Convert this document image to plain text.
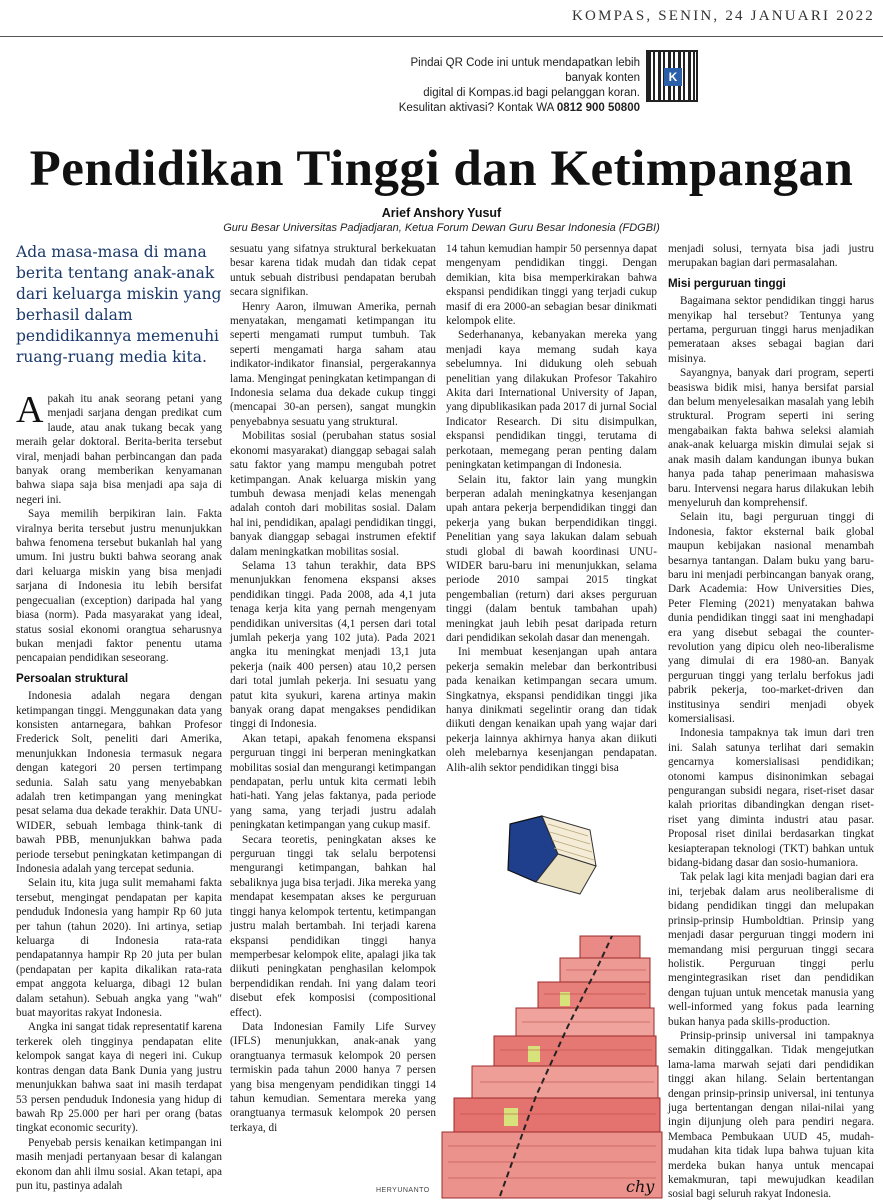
KOMPAS, SENIN, 24 JANUARI 2022
Pindai QR Code ini untuk mendapatkan lebih banyak konten
digital di Kompas.id bagi pelanggan koran.
Kesulitan aktivasi? Kontak WA 0812 900 50800
K
Pendidikan Tinggi dan Ketimpangan
Arief Anshory Yusuf
Guru Besar Universitas Padjadjaran, Ketua Forum Dewan Guru Besar Indonesia (FDGBI)
Ada masa-masa di mana berita tentang anak-anak dari keluarga miskin yang berhasil dalam pendidikannya memenuhi ruang-ruang media kita.

Apakah itu anak seorang petani yang menjadi sarjana dengan predikat cum laude, atau anak tukang becak yang meraih gelar doktoral. Berita-berita tersebut viral, menjadi bahan perbincangan dan pada banyak orang memberikan kenyamanan bahwa siapa saja bisa menjadi apa saja di negeri ini.

Saya memilih berpikiran lain. Fakta viralnya berita tersebut justru menunjukkan bahwa fenomena tersebut bukanlah hal yang umum. Ini justru bukti bahwa seorang anak dari keluarga miskin yang bisa menjadi sarjana di Indonesia itu lebih bersifat pengecualian (exception) daripada hal yang biasa (norm). Pada masyarakat yang ideal, status sosial ekonomi orangtua seharusnya bukan menjadi faktor penentu utama pencapaian pendidikan seseorang.

Persoalan struktural

Indonesia adalah negara dengan ketimpangan tinggi. Menggunakan data yang konsisten antarnegara, bahkan Profesor Frederick Solt, peneliti dari Amerika, menunjukkan Indonesia termasuk negara dengan kategori 20 persen tertimpang sedunia. Salah satu yang menyebabkan adalah tren ketimpangan yang meningkat pesat selama dua dekade terakhir. Data UNU-WIDER, sebuah lembaga think-tank di bawah PBB, menunjukkan bahwa pada periode tersebut peningkatan ketimpangan di Indonesia adalah yang tercepat sedunia.

Selain itu, kita juga sulit memahami fakta tersebut, mengingat pendapatan per kapita penduduk Indonesia yang hampir Rp 60 juta per tahun (tahun 2020). Ini artinya, setiap keluarga di Indonesia rata-rata pendapatannya hampir Rp 20 juta per bulan (pendapatan per kapita dikalikan rata-rata empat anggota keluarga, dibagi 12 bulan dalam setahun). Sebuah angka yang "wah" buat mayoritas rakyat Indonesia.

Angka ini sangat tidak representatif karena terkerek oleh tingginya pendapatan elite kelompok sangat kaya di negeri ini. Cukup kontras dengan data Bank Dunia yang justru menunjukkan bahwa saat ini masih terdapat 53 persen penduduk Indonesia yang hidup di bawah Rp 25.000 per hari per orang (batas tingkat economic security).

Penyebab persis kenaikan ketimpangan ini masih menjadi pertanyaan besar di kalangan ekonom dan ahli ilmu sosial. Akan tetapi, apa pun itu, pastinya adalah

sesuatu yang sifatnya struktural berkekuatan besar karena tidak mudah dan tidak cepat untuk sebuah distribusi pendapatan berubah secara signifikan.

Henry Aaron, ilmuwan Amerika, pernah menyatakan, mengamati ketimpangan itu seperti mengamati rumput tumbuh. Tak seperti mengamati harga saham atau indikator-indikator finansial, pergerakannya lama. Mengingat peningkatan ketimpangan di Indonesia selama dua dekade cukup tinggi (mencapai 30-an persen), sangat mungkin penyebabnya sesuatu yang struktural.

Mobilitas sosial (perubahan status sosial ekonomi masyarakat) dianggap sebagai salah satu faktor yang mampu mengubah potret ketimpangan. Anak keluarga miskin yang tumbuh dewasa menjadi kelas menengah adalah contoh dari mobilitas sosial. Dalam hal ini, pendidikan, apalagi pendidikan tinggi, banyak dianggap sebagai instrumen efektif dalam meningkatkan mobilitas sosial.

Selama 13 tahun terakhir, data BPS menunjukkan fenomena ekspansi akses pendidikan tinggi. Pada 2008, ada 4,1 juta tenaga kerja kita yang pernah mengenyam pendidikan universitas (4,1 persen dari total jumlah pekerja yang 102 juta). Pada 2021 angka itu meningkat menjadi 13,1 juta pekerja (naik 400 persen) atau 10,2 persen dari total jumlah pekerja. Ini sesuatu yang patut kita syukuri, karena artinya makin banyak orang dapat mengakses pendidikan tinggi di Indonesia.

Akan tetapi, apakah fenomena ekspansi perguruan tinggi ini berperan meningkatkan mobilitas sosial dan mengurangi ketimpangan pendapatan, perlu untuk kita cermati lebih hati-hati. Yang jelas faktanya, pada periode yang sama, yang terjadi justru adalah peningkatan ketimpangan yang cukup masif.

Secara teoretis, peningkatan akses ke perguruan tinggi tak selalu berpotensi mengurangi ketimpangan, bahkan hal sebaliknya juga bisa terjadi. Jika mereka yang mendapat kesempatan akses ke perguruan tinggi hanya kelompok tertentu, ketimpangan justru malah bertambah. Ini terjadi karena ekspansi pendidikan tinggi hanya memperbesar kelompok elite, apalagi jika tak diikuti peningkatan penghasilan kelompok berpendidikan rendah. Ini yang dalam teori disebut efek komposisi (compositional effect).

Data Indonesian Family Life Survey (IFLS) menunjukkan, anak-anak yang orangtuanya termasuk kelompok 20 persen termiskin pada tahun 2000 hanya 7 persen yang bisa mengenyam pendidikan tinggi 14 tahun kemudian. Sementara mereka yang orangtuanya termasuk kelompok 20 persen terkaya, di

14 tahun kemudian hampir 50 persennya dapat mengenyam pendidikan tinggi. Dengan demikian, kita bisa memperkirakan bahwa ekspansi pendidikan tinggi yang terjadi cukup masif di era 2000-an sebagian besar dinikmati kelompok elite.

Sederhananya, kebanyakan mereka yang menjadi kaya memang sudah kaya sebelumnya. Ini didukung oleh sebuah penelitian yang dilakukan Profesor Takahiro Akita dari International University of Japan, yang dipublikasikan pada 2017 di jurnal Social Indicator Research. Di situ disimpulkan, ekspansi pendidikan tinggi, terutama di perkotaan, memegang peran penting dalam peningkatan ketimpangan di Indonesia.

Selain itu, faktor lain yang mungkin berperan adalah meningkatnya kesenjangan upah antara pekerja berpendidikan tinggi dan pekerja yang bukan berpendidikan tinggi. Penelitian yang saya lakukan dalam sebuah studi global di bawah koordinasi UNU-WIDER baru-baru ini menunjukkan, selama periode 2010 sampai 2015 tingkat pengembalian (return) dari akses perguruan tinggi (dalam bentuk tambahan upah) meningkat jauh lebih pesat daripada return dari pendidikan sekolah dasar dan menengah.

Ini membuat kesenjangan upah antara pekerja semakin melebar dan berkontribusi pada kenaikan ketimpangan secara umum. Singkatnya, ekspansi pendidikan tinggi jika hanya dinikmati segelintir orang dan tidak diikuti dengan kenaikan upah yang wajar dari pekerja lainnya akhirnya hanya akan diikuti oleh melebarnya kesenjangan pendapatan. Alih-alih sektor pendidikan tinggi bisa

menjadi solusi, ternyata bisa jadi justru merupakan bagian dari permasalahan.

Misi perguruan tinggi

Bagaimana sektor pendidikan tinggi harus menyikap hal tersebut? Tentunya yang pertama, perguruan tinggi harus menjadikan pemerataan akses sebagai bagian dari misinya.

Sayangnya, banyak dari program, seperti beasiswa bidik misi, hanya bersifat parsial dan belum menyelesaikan masalah yang lebih struktural. Program seperti ini sering mengabaikan fakta bahwa seleksi alamiah anak-anak keluarga miskin dimulai sejak si anak masih dalam kandungan ibunya bukan hanya pada tahap penerimaan mahasiswa baru. Intervensi negara harus dilakukan lebih menyeluruh dan komprehensif.

Selain itu, bagi perguruan tinggi di Indonesia, faktor eksternal baik global maupun kebijakan nasional menambah besarnya tantangan. Dalam buku yang baru-baru ini menjadi perbincangan banyak orang, Dark Academia: How Universities Dies, Peter Fleming (2021) menyatakan bahwa dunia pendidikan tinggi saat ini menghadapi era yang disebut sebagai the counter-revolution yang dipicu oleh neo-liberalisme yang dimulai di era 1980-an. Banyak perguruan tinggi yang terlalu berfokus jadi pabrik pekerja, too-market-driven dan institusinya sendiri menjadi obyek komersialisasi.

Indonesia tampaknya tak imun dari tren ini. Salah satunya terlihat dari semakin gencarnya komersialisasi pendidikan; otonomi kampus disinonimkan sebagai pengurangan subsidi negara, riset-riset dasar kalah prioritas dibandingkan dengan riset-riset yang diminta industri atau pasar. Proposal riset dinilai berdasarkan tingkat kesiapterapan teknologi (TKT) bahkan untuk bidang-bidang dasar dan sosio-humaniora.

Tak pelak lagi kita menjadi bagian dari era ini, terjebak dalam arus neoliberalisme di bidang pendidikan tinggi dan melupakan prinsip-prinsip Humboldtian. Prinsip yang menjadi dasar perguruan tinggi modern ini memandang misi perguruan tinggi secara holistik. Perguruan tinggi perlu mengintegrasikan riset dan pendidikan dengan tujuan untuk mencetak manusia yang well-informed yang fokus pada learning bukan hanya pada skills-production.

Prinsip-prinsip universal ini tampaknya semakin ditinggalkan. Tidak mengejutkan lama-lama marwah sejati dari pendidikan tinggi akan hilang. Selain bertentangan dengan prinsip-prinsip universal, ini tentunya juga bertentangan dengan nilai-nilai yang ingin dijunjung oleh para pendiri negara. Membaca Pembukaan UUD 45, mudah-mudahan kita tidak lupa bahwa tujuan kita merdeka bukan hanya untuk mencapai kemakmuran, tapi mewujudkan keadilan sosial bagi seluruh rakyat Indonesia.

chy
HERYUNANTO
